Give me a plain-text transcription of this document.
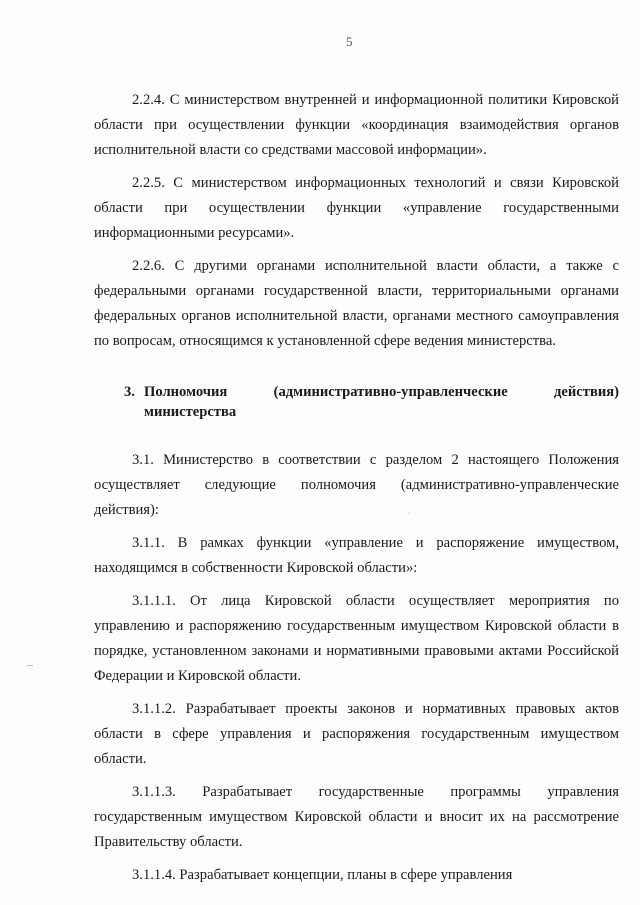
5
·

2.2.4. С министерством внутренней и информационной политики Кировской области при осуществлении функции «координация взаимодействия органов исполнительной власти со средствами массовой информации».

2.2.5. С министерством информационных технологий и связи Кировской области при осуществлении функции «управление государственными информационными ресурсами».

2.2.6. С другими органами исполнительной власти области, а также с федеральными органами государственной власти, территориальными органами федеральных органов исполнительной власти, органами местного самоуправления по вопросам, относящимся к установленной сфере ведения министерства.

3. Полномочия (административно-управленческие действия)
министерства

3.1. Министерство в соответствии с разделом 2 настоящего Положения осуществляет следующие полномочия (административно-управленческие действия):

3.1.1. В рамках функции «управление и распоряжение имуществом, находящимся в собственности Кировской области»:

3.1.1.1. От лица Кировской области осуществляет мероприятия по управлению и распоряжению государственным имуществом Кировской области в порядке, установленном законами и нормативными правовыми актами Российской Федерации и Кировской области.

3.1.1.2. Разрабатывает проекты законов и нормативных правовых актов области в сфере управления и распоряжения государственным имуществом области.

3.1.1.3. Разрабатывает государственные программы управления государственным имуществом Кировской области и вносит их на рассмотрение Правительству области.

3.1.1.4. Разрабатывает концепции, планы в сфере управления
